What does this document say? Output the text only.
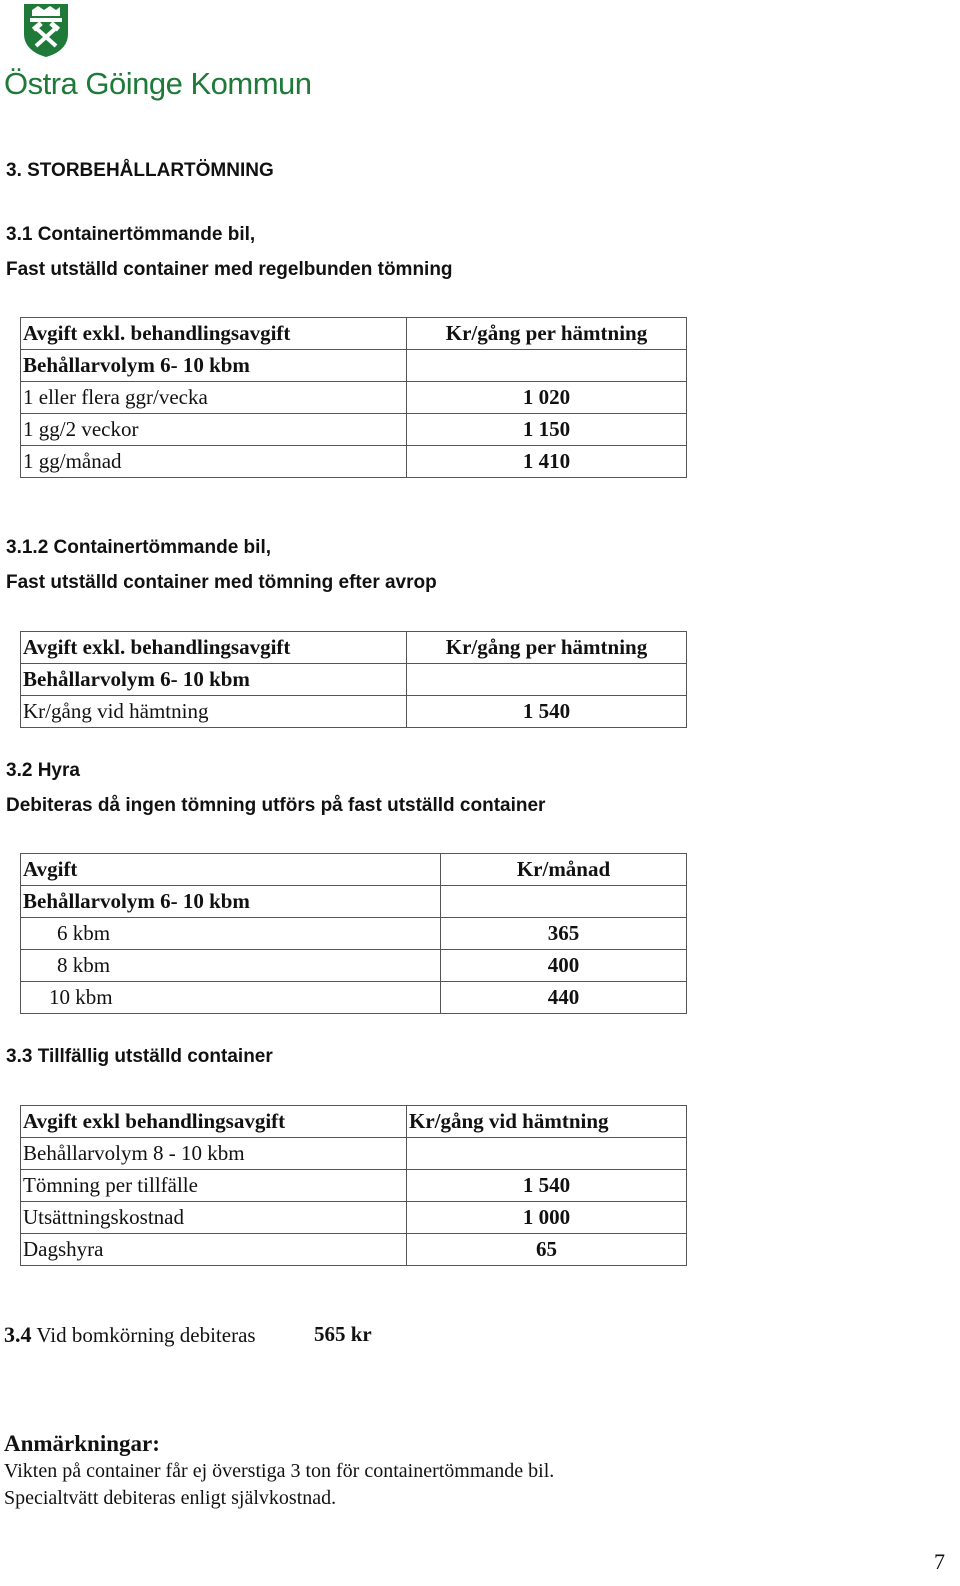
Östra Göinge Kommun
3. STORBEHÅLLARTÖMNING
3.1 Containertömmande bil,
Fast utställd container med regelbunden tömning
Avgift exkl. behandlingsavgift	Kr/gång per hämtning
Behållarvolym 6- 10 kbm	
1 eller flera ggr/vecka	1 020
1 gg/2 veckor	1 150
1 gg/månad	1 410
3.1.2 Containertömmande bil,
Fast utställd container med tömning efter avrop
Avgift exkl. behandlingsavgift	Kr/gång per hämtning
Behållarvolym 6- 10 kbm	
Kr/gång vid hämtning	1 540
3.2 Hyra
Debiteras då ingen tömning utförs på fast utställd container
Avgift	Kr/månad
Behållarvolym 6- 10 kbm	
6 kbm	365
8 kbm	400
10 kbm	440
3.3 Tillfällig utställd container
Avgift exkl behandlingsavgift	Kr/gång vid hämtning
Behållarvolym 8 - 10 kbm	
Tömning per tillfälle	1 540
Utsättningskostnad	1 000
Dagshyra	65
3.4 Vid bomkörning debiteras	565 kr
Anmärkningar:
Vikten på container får ej överstiga 3 ton för containertömmande bil.
Specialtvätt debiteras enligt självkostnad.
7
